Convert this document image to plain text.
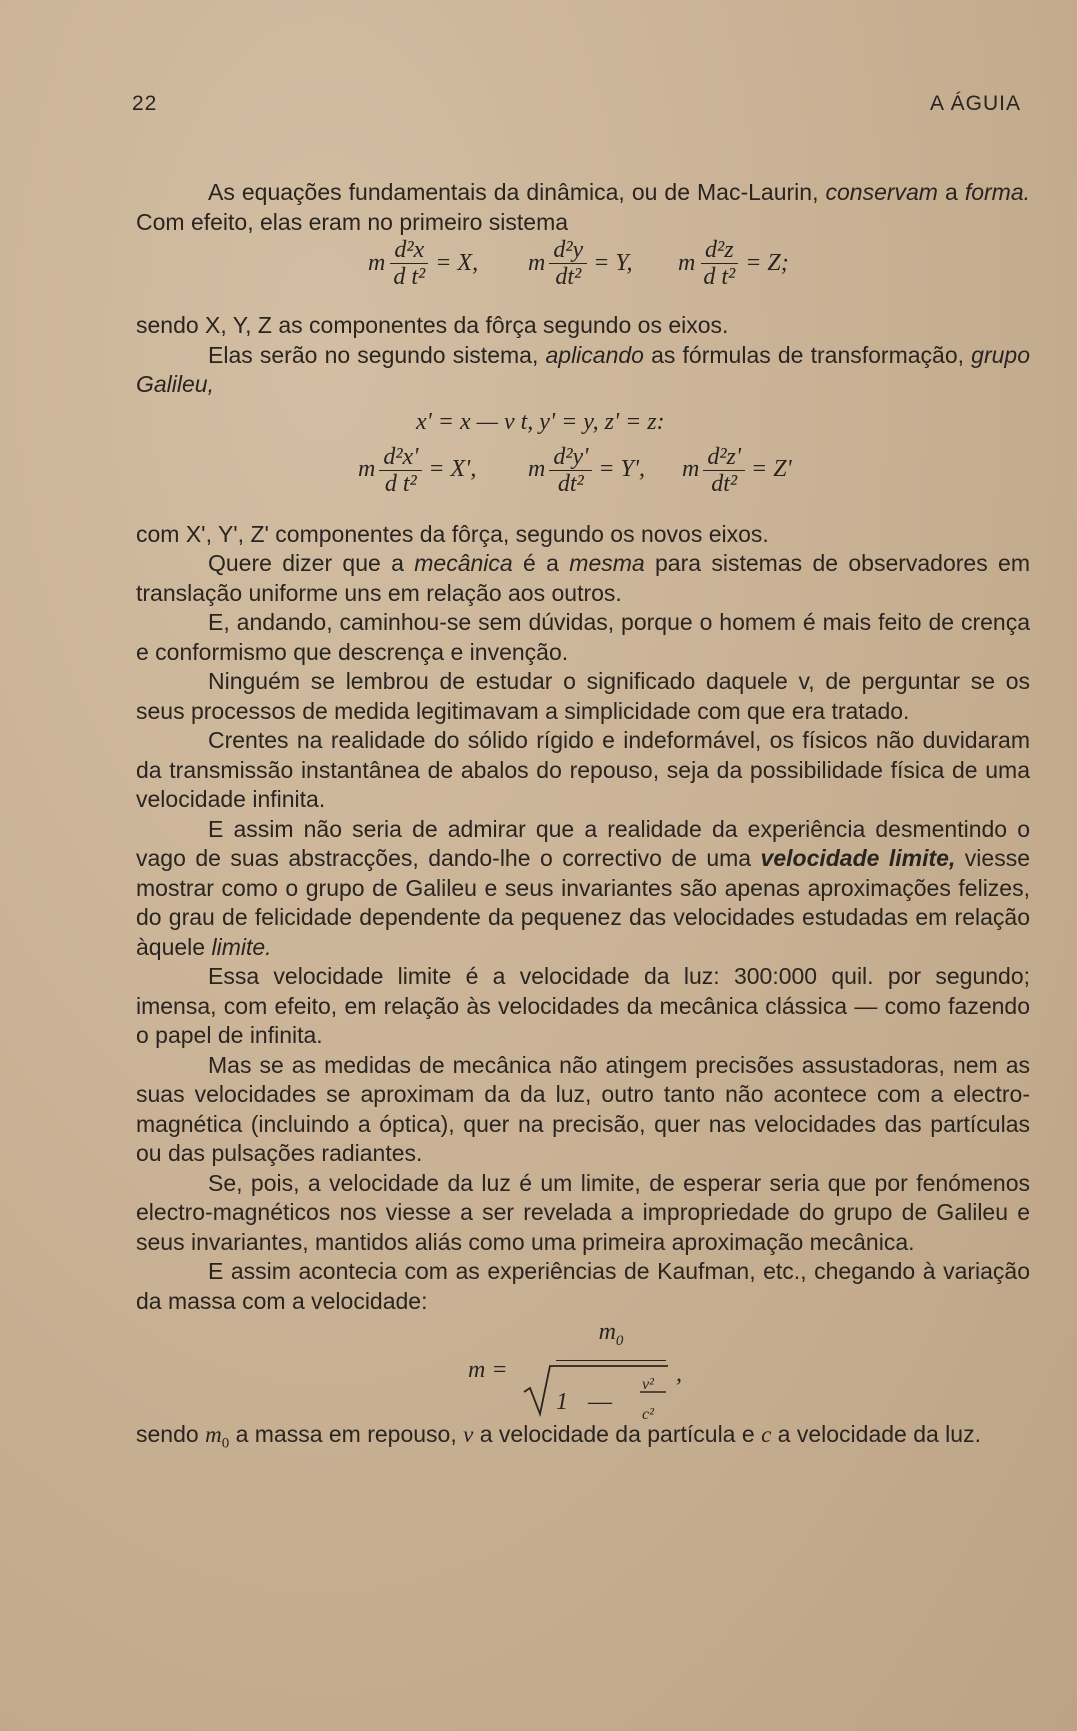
22	A ÁGUIA

As equações fundamentais da dinâmica, ou de Mac-Laurin, conservam a forma. Com efeito, elas eram no primeiro sistema

m $\frac{\text{d²x}}{\text{d t²}} = X$, m $\frac{\text{d²y}}{\text{dt²}} = Y$, m $\frac{\text{d²z}}{\text{d t²}} = Z$;

sendo X, Y, Z as componentes da fôrça segundo os eixos.

Elas serão no segundo sistema, aplicando as fórmulas de transformação, grupo Galileu,

x' = x — v t, y' = y, z' = z:
m $\frac{\text{d²x'}}{\text{d t²}} = X'$, m $\frac{\text{d²y'}}{\text{dt²}} = Y'$, m $\frac{\text{d²z'}}{\text{dt²}} = Z'$

com X', Y', Z' componentes da fôrça, segundo os novos eixos.

Quere dizer que a mecânica é a mesma para sistemas de observadores em translação uniforme uns em relação aos outros.

E, andando, caminhou-se sem dúvidas, porque o homem é mais feito de crença e conformismo que descrença e invenção.

Ninguém se lembrou de estudar o significado daquele v, de perguntar se os seus processos de medida legitimavam a simplicidade com que era tratado.

Crentes na realidade do sólido rígido e indeformável, os físicos não duvidaram da transmissão instantânea de abalos do repouso, seja da possibilidade física de uma velocidade infinita.

E assim não seria de admirar que a realidade da experiência desmentindo o vago de suas abstracções, dando-lhe o correctivo de uma velocidade limite, viesse mostrar como o grupo de Galileu e seus invariantes são apenas aproximações felizes, do grau de felicidade dependente da pequenez das velocidades estudadas em relação àquele limite.

Essa velocidade limite é a velocidade da luz: 300:000 quil. por segundo; imensa, com efeito, em relação às velocidades da mecânica clássica — como fazendo o papel de infinita.

Mas se as medidas de mecânica não atingem precisões assustadoras, nem as suas velocidades se aproximam da da luz, outro tanto não acontece com a electro-magnética (incluindo a óptica), quer na precisão, quer nas velocidades das partículas ou das pulsações radiantes.

Se, pois, a velocidade da luz é um limite, de esperar seria que por fenómenos electro-magnéticos nos viesse a ser revelada a impropriedade do grupo de Galileu e seus invariantes, mantidos aliás como uma primeira aproximação mecânica.

E assim acontecia com as experiências de Kaufman, etc., chegando à variação da massa com a velocidade:

m =
$m_0$
1 —
v²
c²
,

sendo $m_0$ a massa em repouso, v a velocidade da partícula e c a velocidade da luz.
